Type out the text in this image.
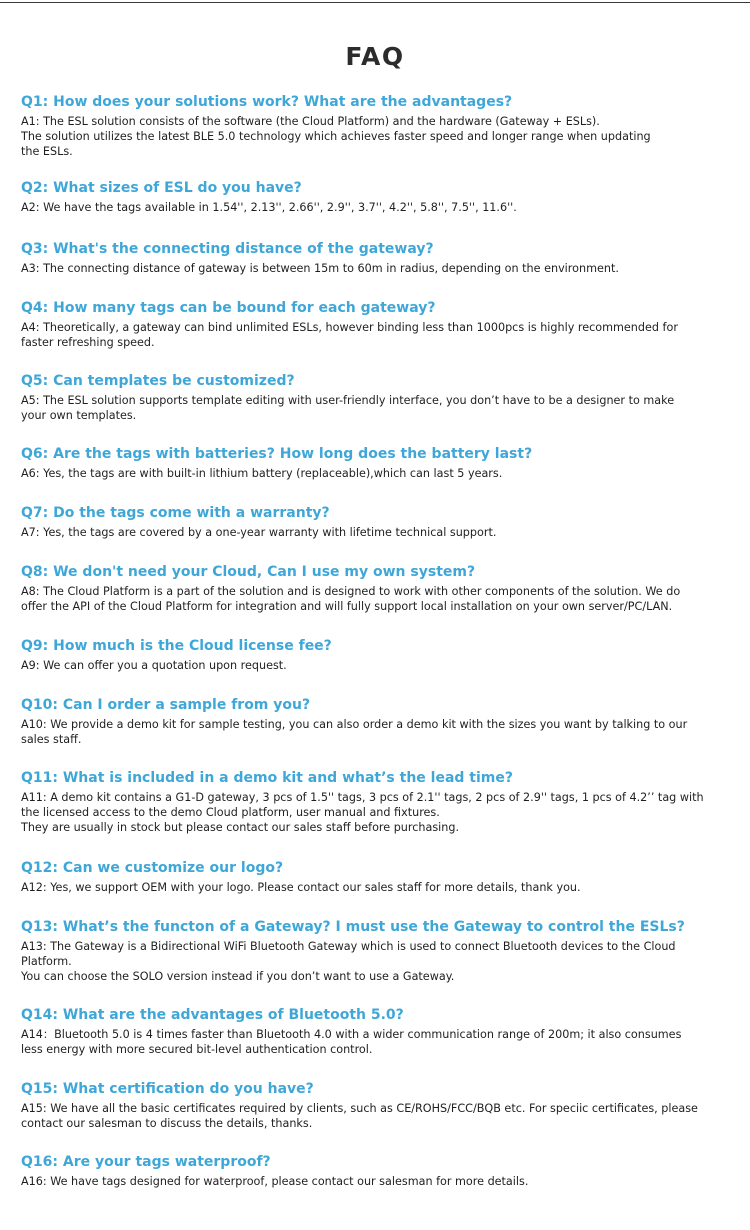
FAQ
Q1: How does your solutions work? What are the advantages?
A1: The ESL solution consists of the software (the Cloud Platform) and the hardware (Gateway + ESLs).
The solution utilizes the latest BLE 5.0 technology which achieves faster speed and longer range when updating
the ESLs.
Q2: What sizes of ESL do you have?
A2: We have the tags available in 1.54'', 2.13'', 2.66'', 2.9'', 3.7'', 4.2'', 5.8'', 7.5'', 11.6''.
Q3: What's the connecting distance of the gateway?
A3: The connecting distance of gateway is between 15m to 60m in radius, depending on the environment.
Q4: How many tags can be bound for each gateway?
A4: Theoretically, a gateway can bind unlimited ESLs, however binding less than 1000pcs is highly recommended for
faster refreshing speed.
Q5: Can templates be customized?
A5: The ESL solution supports template editing with user-friendly interface, you don’t have to be a designer to make
your own templates.
Q6: Are the tags with batteries? How long does the battery last?
A6: Yes, the tags are with built-in lithium battery (replaceable),which can last 5 years.
Q7: Do the tags come with a warranty?
A7: Yes, the tags are covered by a one-year warranty with lifetime technical support.
Q8: We don't need your Cloud, Can I use my own system?
A8: The Cloud Platform is a part of the solution and is designed to work with other components of the solution. We do
offer the API of the Cloud Platform for integration and will fully support local installation on your own server/PC/LAN.
Q9: How much is the Cloud license fee?
A9: We can offer you a quotation upon request.
Q10: Can I order a sample from you?
A10: We provide a demo kit for sample testing, you can also order a demo kit with the sizes you want by talking to our
sales staff.
Q11: What is included in a demo kit and what’s the lead time?
A11: A demo kit contains a G1-D gateway, 3 pcs of 1.5'' tags, 3 pcs of 2.1'' tags, 2 pcs of 2.9'' tags, 1 pcs of 4.2’’ tag with
the licensed access to the demo Cloud platform, user manual and fixtures.
They are usually in stock but please contact our sales staff before purchasing.
Q12: Can we customize our logo?
A12: Yes, we support OEM with your logo. Please contact our sales staff for more details, thank you.
Q13: What’s the functon of a Gateway? I must use the Gateway to control the ESLs?
A13: The Gateway is a Bidirectional WiFi Bluetooth Gateway which is used to connect Bluetooth devices to the Cloud
Platform.
You can choose the SOLO version instead if you don’t want to use a Gateway.
Q14: What are the advantages of Bluetooth 5.0?
A14：Bluetooth 5.0 is 4 times faster than Bluetooth 4.0 with a wider communication range of 200m; it also consumes
less energy with more secured bit-level authentication control.
Q15: What certification do you have?
A15: We have all the basic certificates required by clients, such as CE/ROHS/FCC/BQB etc. For speciic certificates, please
contact our salesman to discuss the details, thanks.
Q16: Are your tags waterproof?
A16: We have tags designed for waterproof, please contact our salesman for more details.
